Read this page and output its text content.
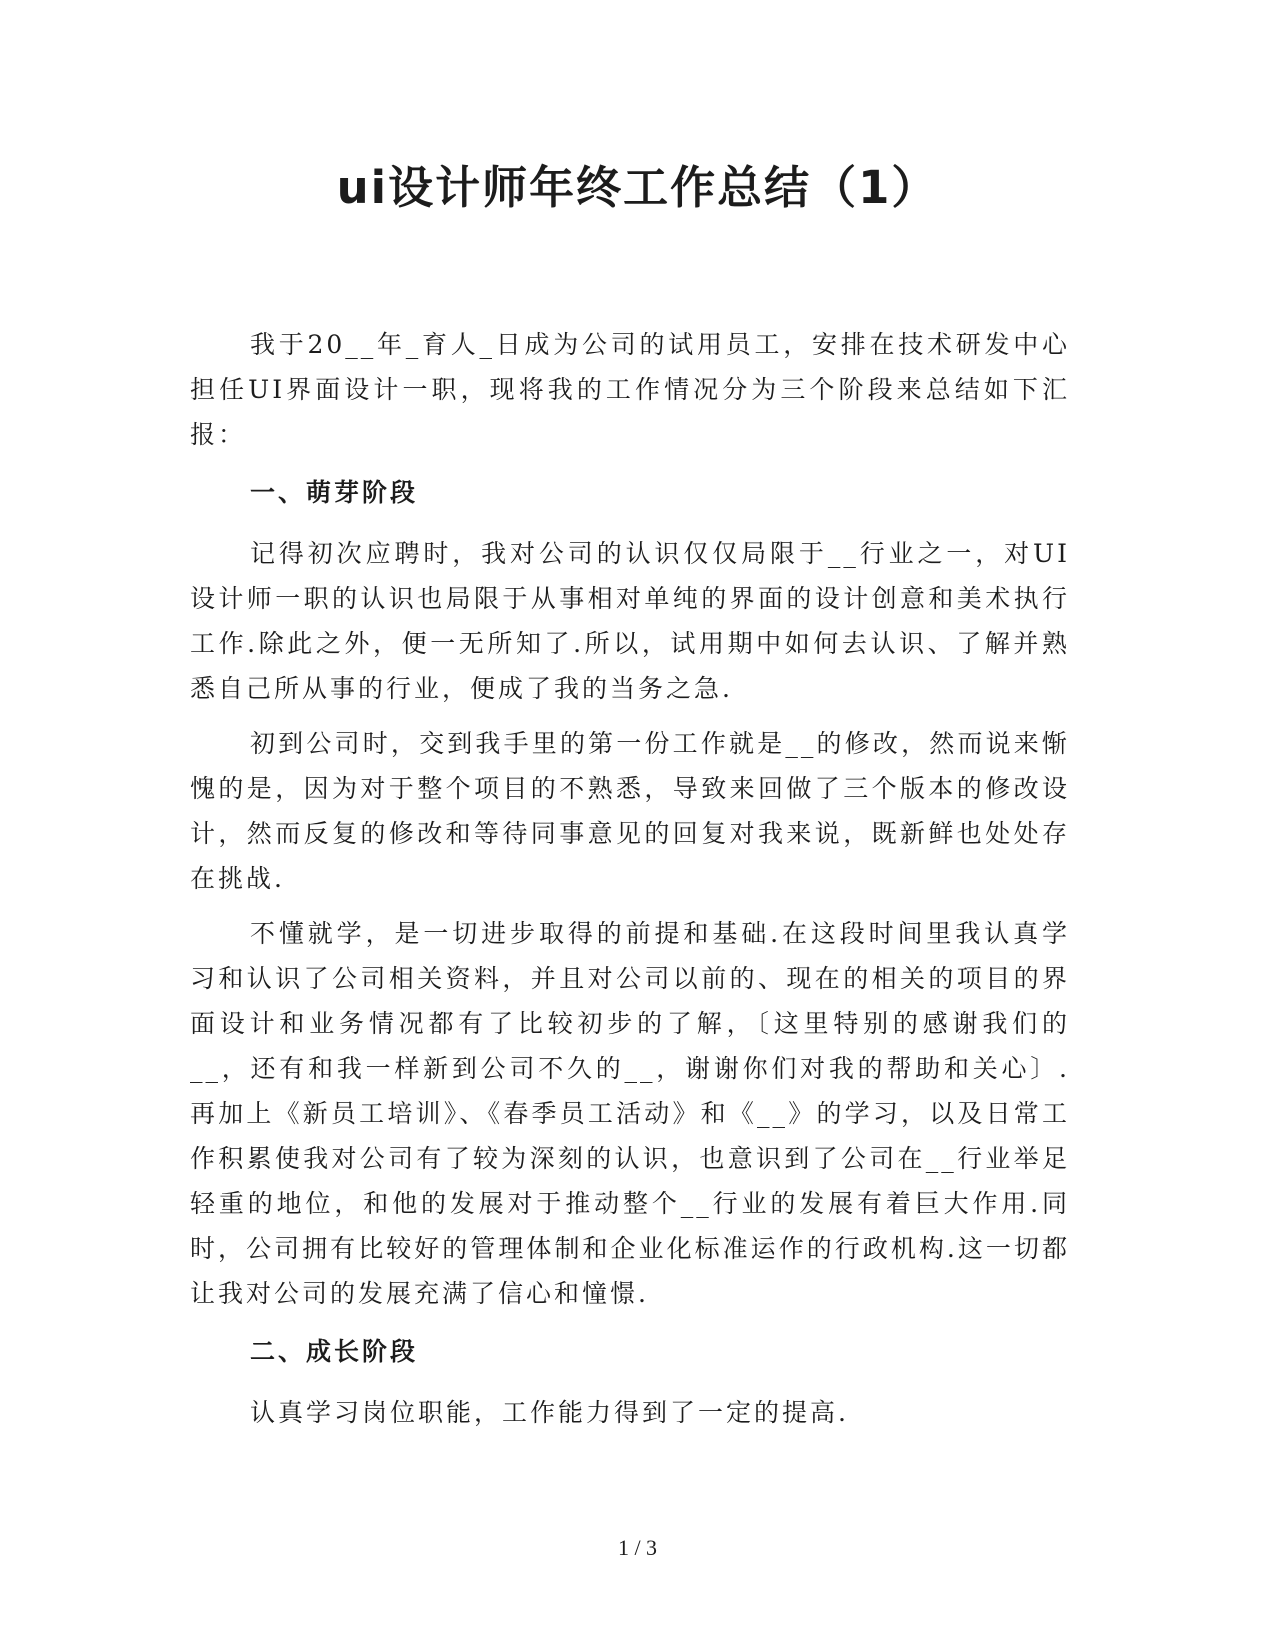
ui设计师年终工作总结（1）

我于20__年_育人_日成为公司的试用员工，安排在技术研发中心担任UI界面设计一职，现将我的工作情况分为三个阶段来总结如下汇报：

一、萌芽阶段

记得初次应聘时，我对公司的认识仅仅局限于__行业之一，对UI设计师一职的认识也局限于从事相对单纯的界面的设计创意和美术执行工作.除此之外，便一无所知了.所以，试用期中如何去认识、了解并熟悉自己所从事的行业，便成了我的当务之急.

初到公司时，交到我手里的第一份工作就是__的修改，然而说来惭愧的是，因为对于整个项目的不熟悉，导致来回做了三个版本的修改设计，然而反复的修改和等待同事意见的回复对我来说，既新鲜也处处存在挑战.

不懂就学，是一切进步取得的前提和基础.在这段时间里我认真学习和认识了公司相关资料，并且对公司以前的、现在的相关的项目的界面设计和业务情况都有了比较初步的了解，〔这里特别的感谢我们的__，还有和我一样新到公司不久的__，谢谢你们对我的帮助和关心〕.再加上《新员工培训》、《春季员工活动》和《__》的学习，以及日常工作积累使我对公司有了较为深刻的认识，也意识到了公司在__行业举足轻重的地位，和他的发展对于推动整个__行业的发展有着巨大作用.同时，公司拥有比较好的管理体制和企业化标准运作的行政机构.这一切都让我对公司的发展充满了信心和憧憬.

二、成长阶段

认真学习岗位职能，工作能力得到了一定的提高.

1 / 3
